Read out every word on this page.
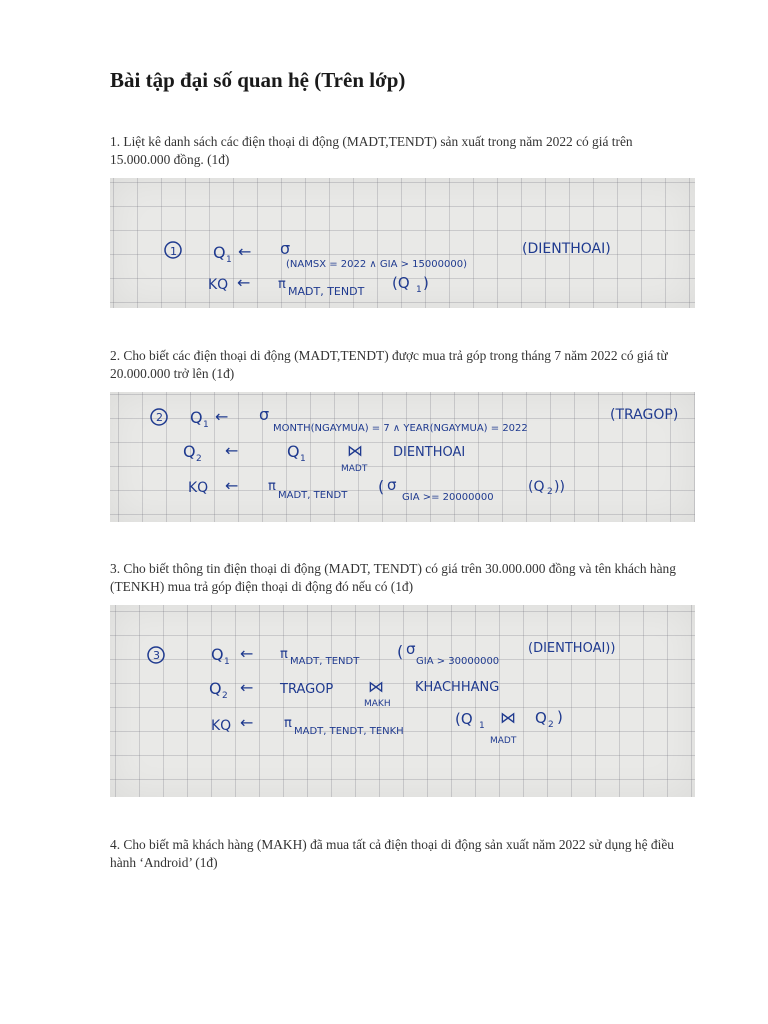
Bài tập đại số quan hệ (Trên lớp)

1. Liệt kê danh sách các điện thoại di động (MADT,TENDT) sản xuất trong năm 2022 có giá trên 15.000.000 đồng. (1đ)

1 Q 1 ← σ
(NAMSX = 2022 ∧ GIA > 15000000)
(DIENTHOAI)
KQ ← π MADT, TENDT (Q 1 )

2. Cho biết các điện thoại di động (MADT,TENDT) được mua trả góp trong tháng 7 năm 2022 có giá từ 20.000.000 trở lên (1đ)

2 Q 1 ← σ
MONTH(NGAYMUA) = 7 ∧ YEAR(NGAYMUA) = 2022
(TRAGOP)
Q 2 ←	Q 1	⋈
MADT
DIENTHOAI
KQ ← π
MADT, TENDT ( σ
GIA >= 20000000
(Q 2 ))

3. Cho biết thông tin điện thoại di động (MADT, TENDT) có giá trên 30.000.000 đồng và tên khách hàng (TENKH) mua trả góp điện thoại di động đó nếu có (1đ)

3	Q 1 ← π MADT, TENDT
( σ
GIA > 30000000
(DIENTHOAI))
Q 2 ← TRAGOP ⋈
MAKH
KHACHHANG
KQ ← π
MADT, TENDT, TENKH
(Q 1 ⋈
MADT
Q 2 )

4. Cho biết mã khách hàng (MAKH) đã mua tất cả điện thoại di động sản xuất năm 2022 sử dụng hệ điều hành ‘Android’ (1đ)
